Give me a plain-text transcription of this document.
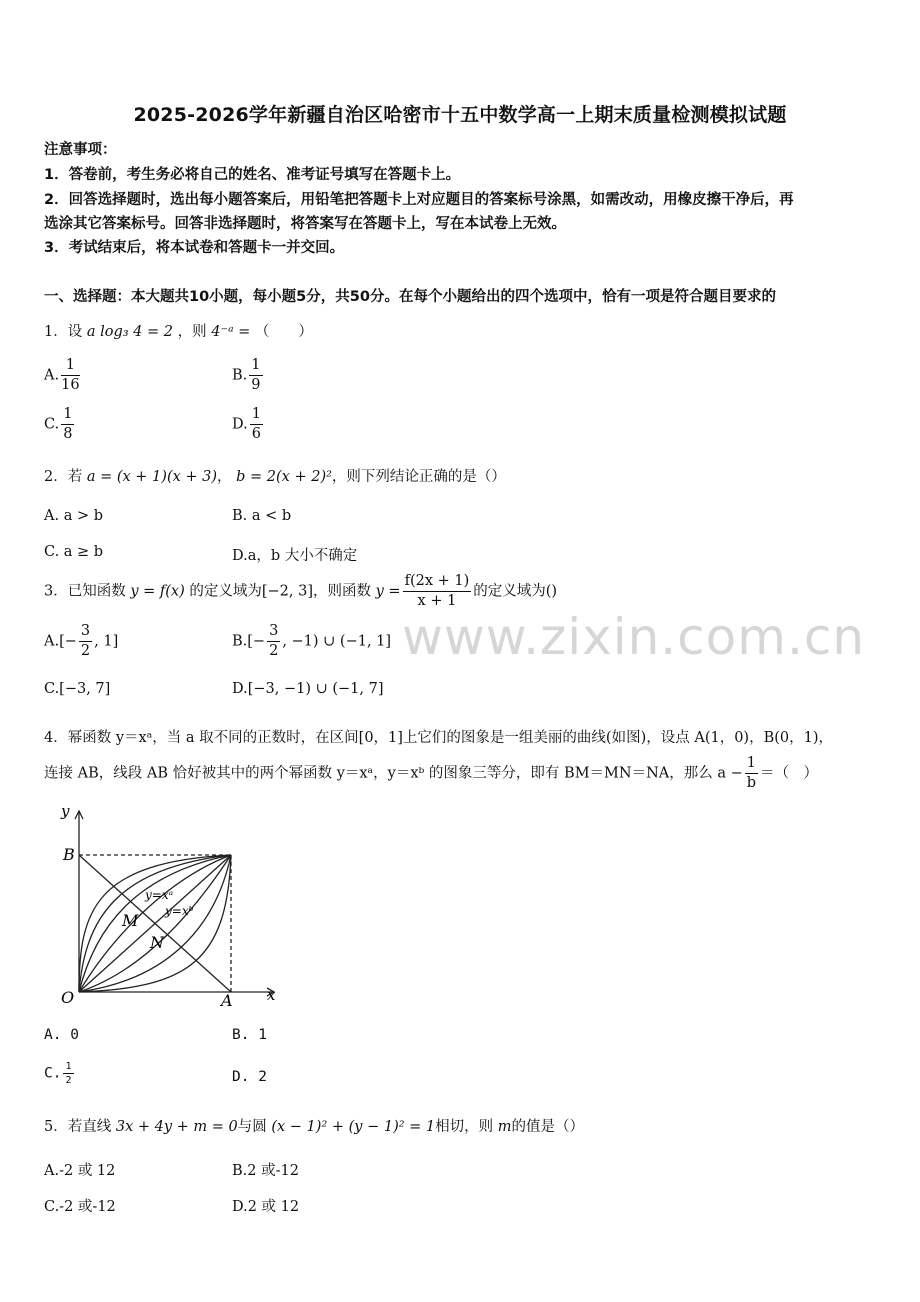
www.zixin.com.cn
2025-2026学年新疆自治区哈密市十五中数学高一上期末质量检测模拟试题
注意事项：
1．答卷前，考生务必将自己的姓名、准考证号填写在答题卡上。
2．回答选择题时，选出每小题答案后，用铅笔把答题卡上对应题目的答案标号涂黑，如需改动，用橡皮擦干净后，再
选涂其它答案标号。回答非选择题时，将答案写在答题卡上，写在本试卷上无效。
3．考试结束后，将本试卷和答题卡一并交回。
一、选择题：本大题共10小题，每小题5分，共50分。在每个小题给出的四个选项中，恰有一项是符合题目要求的
1．设 a log₃ 4 = 2 ，则 4⁻ᵃ = （　　）
A. $\frac{1}{16}$	B. $\frac{1}{9}$
C. $\frac{1}{8}$	D. $\frac{1}{6}$
2．若 a = (x + 1)(x + 3)， b = 2(x + 2)²，则下列结论正确的是（）
A. a > b	B. a < b
C. a ≥ b	D.a，b 大小不确定
3．已知函数 y = f(x) 的定义域为[−2, 3]，则函数 $y = \frac{f(2x + 1)}{x + 1}$ 的定义域为()
$A.[- \frac{3}{2}$ , 1]	$B.[- \frac{3}{2}$ , −1) ∪ (−1, 1]
C.[−3, 7]	D.[−3, −1) ∪ (−1, 7]
4．幂函数 y＝xᵃ，当 a 取不同的正数时，在区间[0，1]上它们的图象是一组美丽的曲线(如图)，设点 A(1，0)，B(0，1)，
连接 AB，线段 AB 恰好被其中的两个幂函数 y＝xᵃ，y＝xᵇ 的图象三等分，即有 BM＝MN＝NA，那么 $a - \frac{1}{b}$ ＝（　）
y
x
B
O	A
M
N
y=xᵃ
y=xᵇ
A. 0	B. 1
C. $\frac{1}{2}$	D. 2
5．若直线 3x + 4y + m = 0与圆 (x − 1)² + (y − 1)² = 1相切，则 m的值是（）
A.-2 或 12	B.2 或-12
C.-2 或-12	D.2 或 12
